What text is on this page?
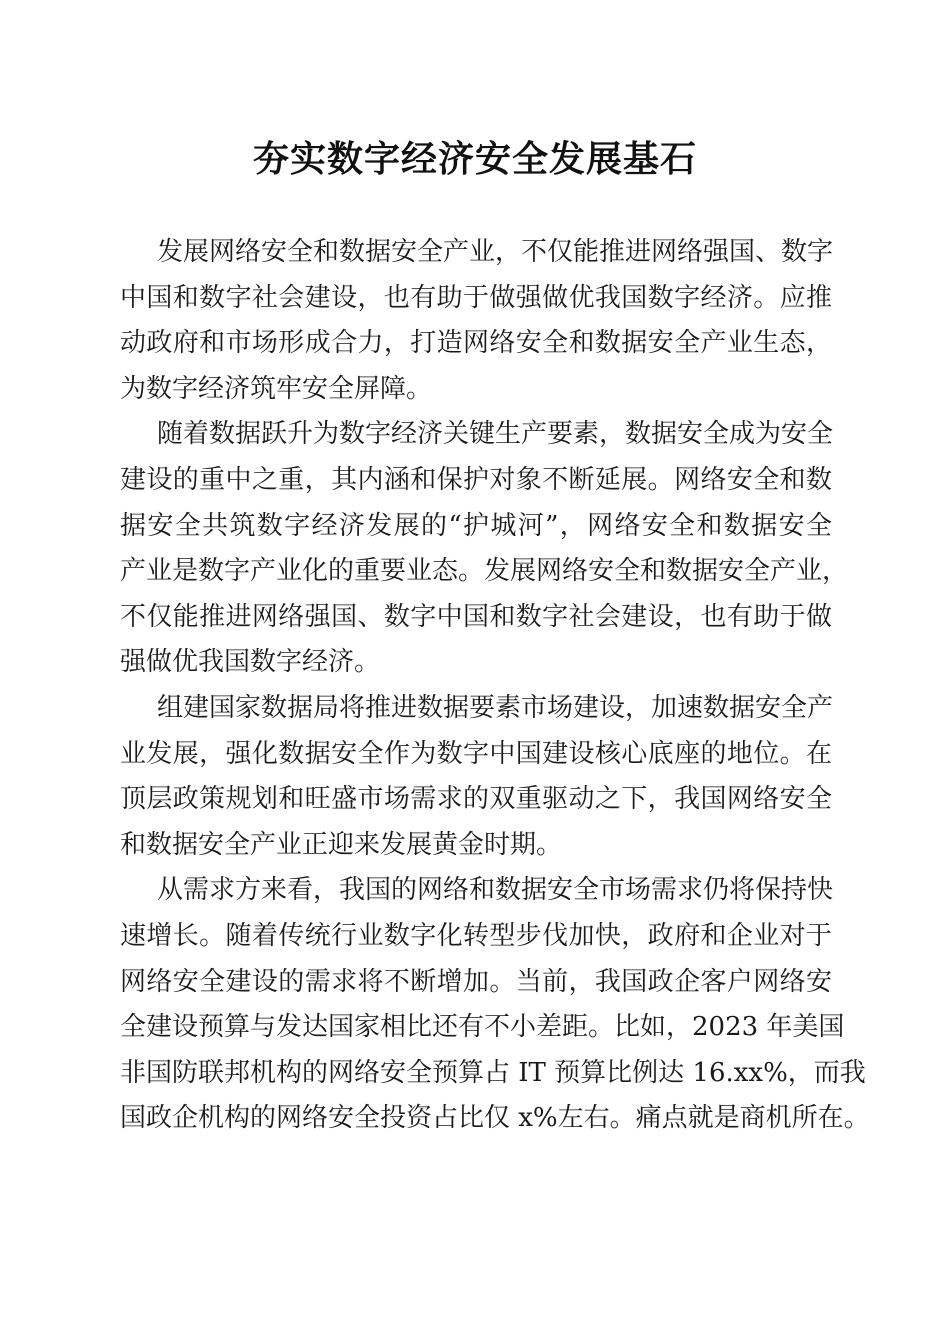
夯实数字经济安全发展基石
发展网络安全和数据安全产业，不仅能推进网络强国、数字
中国和数字社会建设，也有助于做强做优我国数字经济。应推
动政府和市场形成合力，打造网络安全和数据安全产业生态，
为数字经济筑牢安全屏障。
随着数据跃升为数字经济关键生产要素，数据安全成为安全
建设的重中之重，其内涵和保护对象不断延展。网络安全和数
据安全共筑数字经济发展的“护城河”，网络安全和数据安全
产业是数字产业化的重要业态。发展网络安全和数据安全产业，
不仅能推进网络强国、数字中国和数字社会建设，也有助于做
强做优我国数字经济。
组建国家数据局将推进数据要素市场建设，加速数据安全产
业发展，强化数据安全作为数字中国建设核心底座的地位。在
顶层政策规划和旺盛市场需求的双重驱动之下，我国网络安全
和数据安全产业正迎来发展黄金时期。
从需求方来看，我国的网络和数据安全市场需求仍将保持快
速增长。随着传统行业数字化转型步伐加快，政府和企业对于
网络安全建设的需求将不断增加。当前，我国政企客户网络安
全建设预算与发达国家相比还有不小差距。比如，2023 年美国
非国防联邦机构的网络安全预算占 IT 预算比例达 16.xx%，而我
国政企机构的网络安全投资占比仅 x%左右。痛点就是商机所在。
